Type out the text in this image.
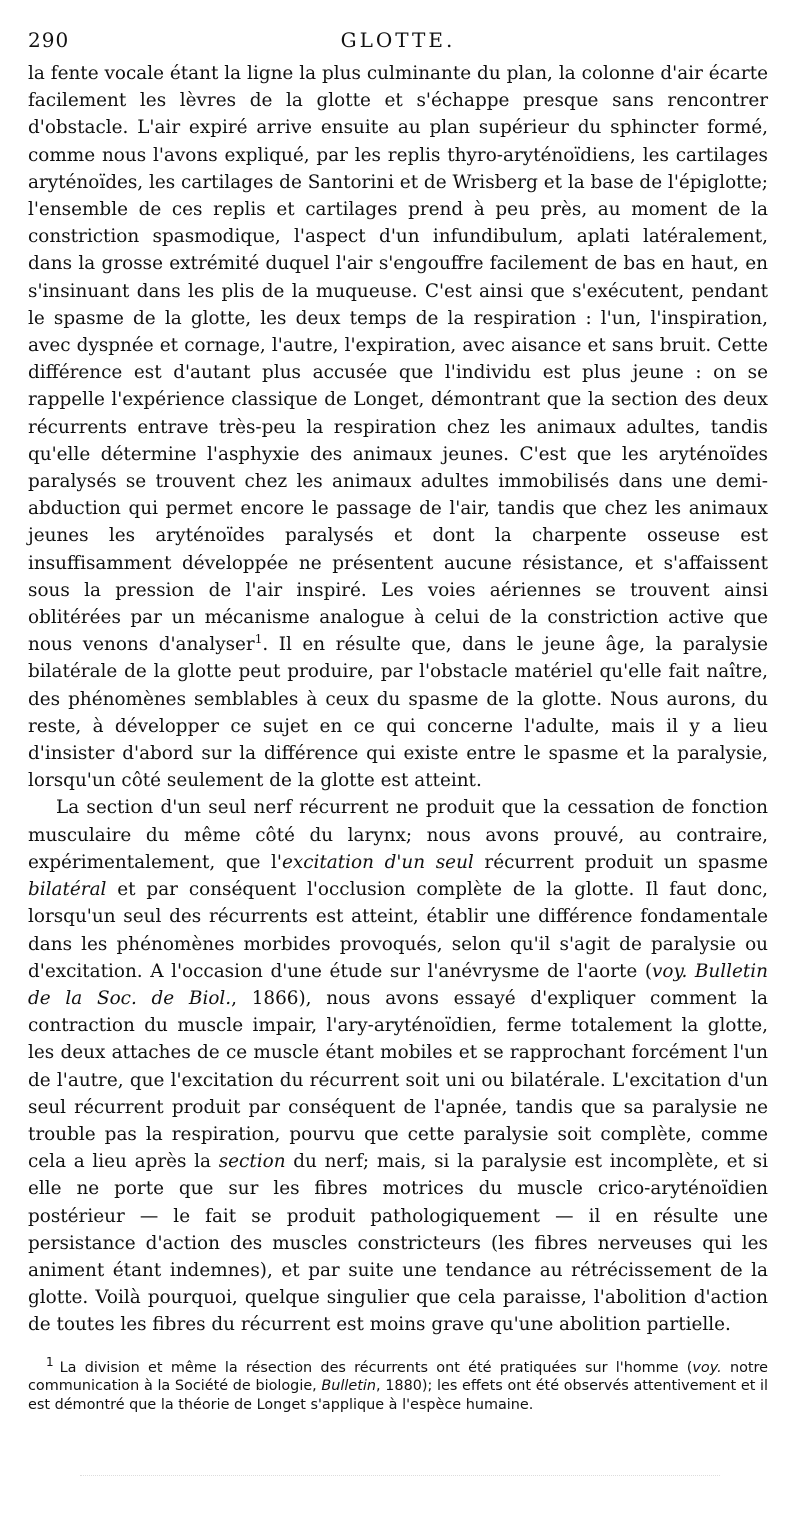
290	GLOTTE.

la fente vocale étant la ligne la plus culminante du plan, la colonne d'air écarte facilement les lèvres de la glotte et s'échappe presque sans rencontrer d'obstacle. L'air expiré arrive ensuite au plan supérieur du sphincter formé, comme nous l'avons expliqué, par les replis thyro-aryténoïdiens, les cartilages aryténoïdes, les cartilages de Santorini et de Wrisberg et la base de l'épiglotte; l'ensemble de ces replis et cartilages prend à peu près, au moment de la constriction spasmodique, l'aspect d'un infundibulum, aplati latéralement, dans la grosse extrémité duquel l'air s'engouffre facilement de bas en haut, en s'insinuant dans les plis de la muqueuse. C'est ainsi que s'exécutent, pendant le spasme de la glotte, les deux temps de la respiration : l'un, l'inspiration, avec dyspnée et cornage, l'autre, l'expiration, avec aisance et sans bruit. Cette différence est d'autant plus accusée que l'individu est plus jeune : on se rappelle l'expérience classique de Longet, démontrant que la section des deux récurrents entrave très-peu la respiration chez les animaux adultes, tandis qu'elle détermine l'asphyxie des animaux jeunes. C'est que les aryténoïdes paralysés se trouvent chez les animaux adultes immobilisés dans une demi-abduction qui permet encore le passage de l'air, tandis que chez les animaux jeunes les aryténoïdes paralysés et dont la charpente osseuse est insuffisamment développée ne présentent aucune résistance, et s'affaissent sous la pression de l'air inspiré. Les voies aériennes se trouvent ainsi oblitérées par un mécanisme analogue à celui de la constriction active que nous venons d'analyser$^1$. Il en résulte que, dans le jeune âge, la paralysie bilatérale de la glotte peut produire, par l'obstacle matériel qu'elle fait naître, des phénomènes semblables à ceux du spasme de la glotte. Nous aurons, du reste, à développer ce sujet en ce qui concerne l'adulte, mais il y a lieu d'insister d'abord sur la différence qui existe entre le spasme et la paralysie, lorsqu'un côté seulement de la glotte est atteint.

La section d'un seul nerf récurrent ne produit que la cessation de fonction musculaire du même côté du larynx; nous avons prouvé, au contraire, expérimentalement, que l'excitation d'un seul récurrent produit un spasme bilatéral et par conséquent l'occlusion complète de la glotte. Il faut donc, lorsqu'un seul des récurrents est atteint, établir une différence fondamentale dans les phénomènes morbides provoqués, selon qu'il s'agit de paralysie ou d'excitation. A l'occasion d'une étude sur l'anévrysme de l'aorte (voy. Bulletin de la Soc. de Biol., 1866), nous avons essayé d'expliquer comment la contraction du muscle impair, l'ary-aryténoïdien, ferme totalement la glotte, les deux attaches de ce muscle étant mobiles et se rapprochant forcément l'un de l'autre, que l'excitation du récurrent soit uni ou bilatérale. L'excitation d'un seul récurrent produit par conséquent de l'apnée, tandis que sa paralysie ne trouble pas la respiration, pourvu que cette paralysie soit complète, comme cela a lieu après la section du nerf; mais, si la paralysie est incomplète, et si elle ne porte que sur les fibres motrices du muscle crico-aryténoïdien postérieur — le fait se produit pathologiquement — il en résulte une persistance d'action des muscles constricteurs (les fibres nerveuses qui les animent étant indemnes), et par suite une tendance au rétrécissement de la glotte. Voilà pourquoi, quelque singulier que cela paraisse, l'abolition d'action de toutes les fibres du récurrent est moins grave qu'une abolition partielle.

$^1$ La division et même la résection des récurrents ont été pratiquées sur l'homme (voy. notre communication à la Société de biologie, Bulletin, 1880); les effets ont été observés attentivement et il est démontré que la théorie de Longet s'applique à l'espèce humaine.
